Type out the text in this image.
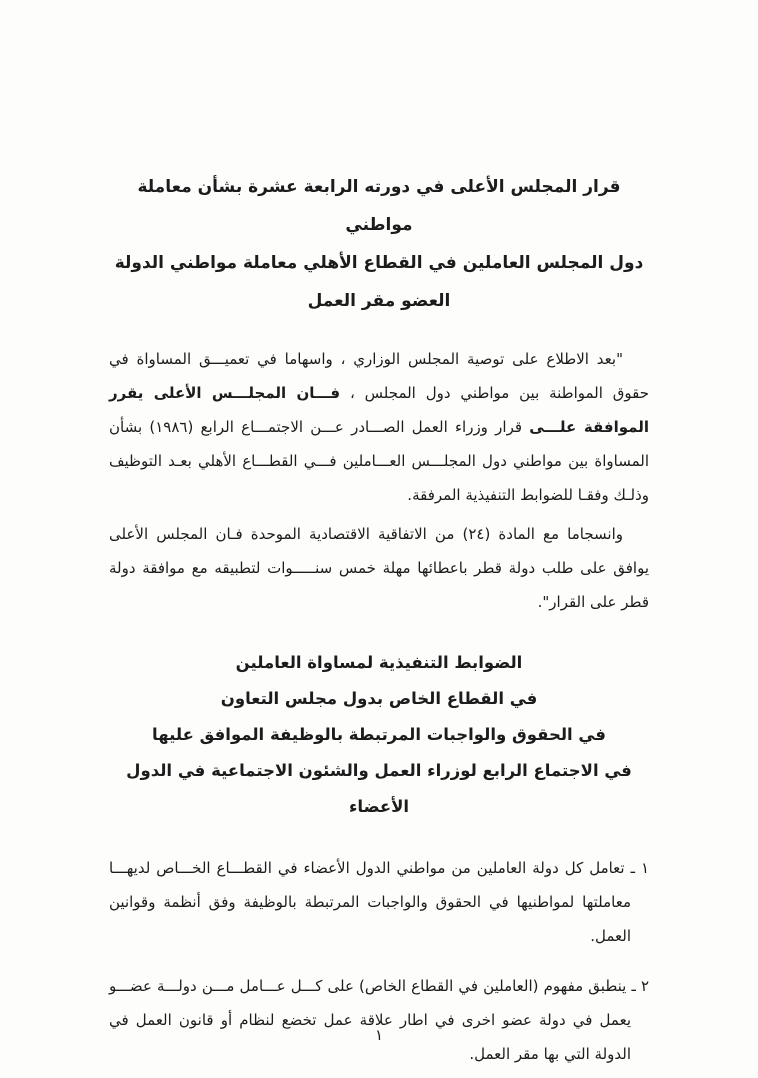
قرار المجلس الأعلى في دورته الرابعة عشرة بشأن معاملة مواطني
دول المجلس العاملين في القطاع الأهلي معاملة مواطني الدولة
العضو مقر العمل

"بعد الاطلاع على توصية المجلس الوزاري ، واسهاما في تعميـــق المساواة في حقوق المواطنة بين مواطني دول المجلس ، فـــان المجلـــس الأعلى يقرر الموافقة علـــى قرار وزراء العمل الصـــادر عـــن الاجتمـــاع الرابع (١٩٨٦) بشأن المساواة بين مواطني دول المجلـــس العـــاملين فـــي القطـــاع الأهلي بعـد التوظيف وذلـك وفقـا للضوابط التنفيذية المرفقة.

وانسجاما مع المادة (٢٤) من الاتفاقية الاقتصادية الموحدة فـان المجلس الأعلى يوافق على طلب دولة قطر باعطائها مهلة خمس سنـــــوات لتطبيقه مع موافقة دولة قطر على القرار".

الضوابط التنفيذية لمساواة العاملين
في القطاع الخاص بدول مجلس التعاون
في الحقوق والواجبات المرتبطة بالوظيفة الموافق عليها
في الاجتماع الرابع لوزراء العمل والشئون الاجتماعية في الدول الأعضاء

١ ـ تعامل كل دولة العاملين من مواطني الدول الأعضاء في القطـــاع الخـــاص لديهـــا معاملتها لمواطنيها في الحقوق والواجبات المرتبطة بالوظيفة وفق أنظمة وقوانين العمل.

٢ ـ ينطبق مفهوم (العاملين في القطاع الخاص) على كـــل عـــامل مـــن دولـــة عضـــو يعمل في دولة عضو اخرى في اطار علاقة عمل تخضع لنظام أو قانون العمل في الدولة التي بها مقر العمل.

١
